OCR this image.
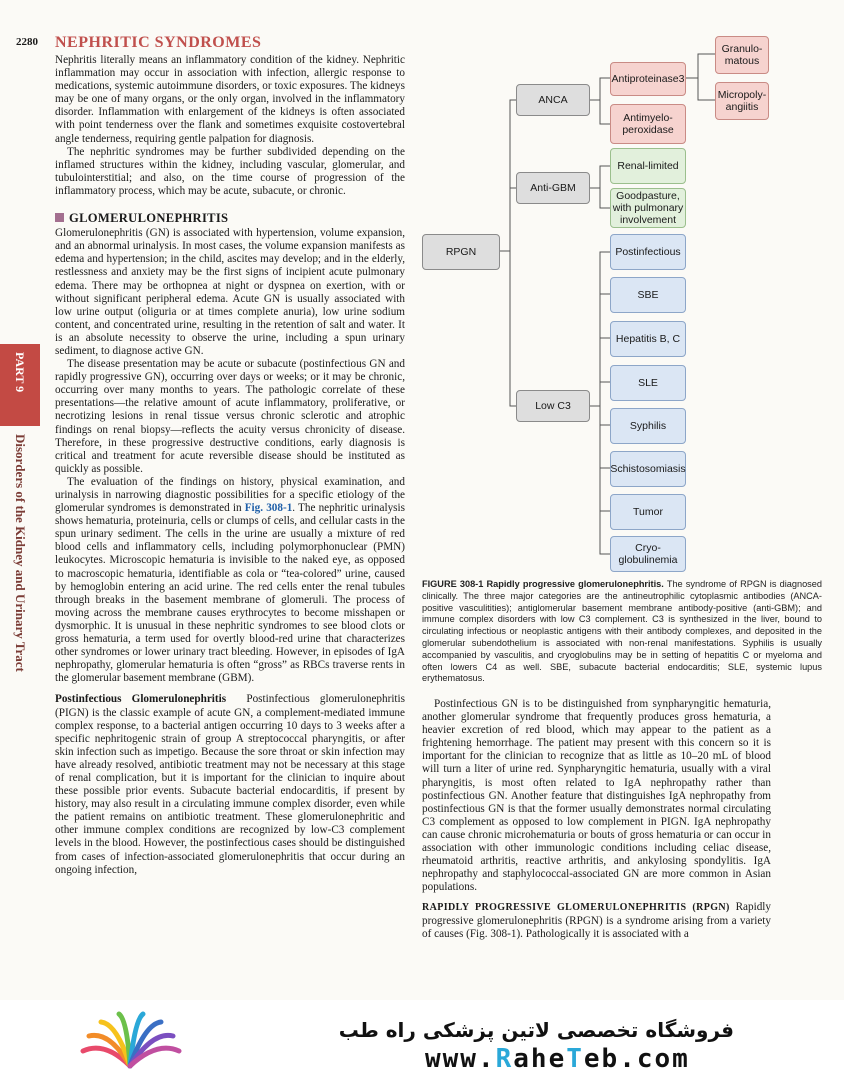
2280 NEPHRITIC SYNDROMES

Nephritis literally means an inflammatory condition of the kidney. Nephritic inflammation may occur in association with infection, allergic response to medications, systemic autoimmune disorders, or toxic exposures. The kidneys may be one of many organs, or the only organ, involved in the inflammatory disorder. Inflammation with enlargement of the kidneys is often associated with point tenderness over the flank and sometimes exquisite costovertebral angle tenderness, requiring gentle palpation for diagnosis.

The nephritic syndromes may be further subdivided depending on the inflamed structures within the kidney, including vascular, glomerular, and tubulointerstitial; and also, on the time course of progression of the inflammatory process, which may be acute, subacute, or chronic.

GLOMERULONEPHRITIS

Glomerulonephritis (GN) is associated with hypertension, volume expansion, and an abnormal urinalysis. In most cases, the volume expansion manifests as edema and hypertension; in the child, ascites may develop; and in the elderly, restlessness and anxiety may be the first signs of incipient acute pulmonary edema. There may be orthopnea at night or dyspnea on exertion, with or without significant peripheral edema. Acute GN is usually associated with low urine output (oliguria or at times complete anuria), low urine sodium content, and concentrated urine, resulting in the retention of salt and water. It is an absolute necessity to observe the urine, including a spun urinary sediment, to diagnose active GN.

The disease presentation may be acute or subacute (postinfectious GN and rapidly progressive GN), occurring over days or weeks; or it may be chronic, occurring over many months to years. The pathologic correlate of these presentations—the relative amount of acute inflammatory, proliferative, or necrotizing lesions in renal tissue versus chronic sclerotic and atrophic findings on renal biopsy—reflects the acuity versus chronicity of disease. Therefore, in these progressive destructive conditions, early diagnosis is critical and treatment for acute reversible disease should be instituted as quickly as possible.

The evaluation of the findings on history, physical examination, and urinalysis in narrowing diagnostic possibilities for a specific etiology of the glomerular syndromes is demonstrated in Fig. 308-1. The nephritic urinalysis shows hematuria, proteinuria, cells or clumps of cells, and cellular casts in the spun urinary sediment. The cells in the urine are usually a mixture of red blood cells and inflammatory cells, including polymorphonuclear (PMN) leukocytes. Microscopic hematuria is invisible to the naked eye, as opposed to macroscopic hematuria, identifiable as cola or “tea-colored” urine, caused by hemoglobin entering an acid urine. The red cells enter the renal tubules through breaks in the basement membrane of glomeruli. The process of moving across the membrane causes erythrocytes to become misshapen or dysmorphic. It is unusual in these nephritic syndromes to see blood clots or gross hematuria, a term used for overtly blood-red urine that characterizes other syndromes or lower urinary tract bleeding. However, in episodes of IgA nephropathy, glomerular hematuria is often “gross” as RBCs traverse rents in the glomerular basement membrane (GBM).

Postinfectious Glomerulonephritis Postinfectious glomerulonephritis (PIGN) is the classic example of acute GN, a complement-mediated immune complex response, to a bacterial antigen occurring 10 days to 3 weeks after a specific nephritogenic strain of group A streptococcal pharyngitis, or after skin infection such as impetigo. Because the sore throat or skin infection may have already resolved, antibiotic treatment may not be necessary at this stage of renal complication, but it is important for the clinician to inquire about these possible prior events. Subacute bacterial endocarditis, if present by history, may also result in a circulating immune complex disorder, even while the patient remains on antibiotic treatment. These glomerulonephritic and other immune complex conditions are recognized by low-C3 complement levels in the blood. However, the postinfectious cases should be distinguished from cases of infection-associated glomerulonephritis that occur during an ongoing infection,

PART 9
Disorders of the Kidney and Urinary Tract
RPGN
ANCA
Anti-GBM
Low C3
Antiproteinase3
Antimyelo-
peroxidase
Granulo-
matous
Micropoly-
angiitis
Renal-limited
Goodpasture,
with pulmonary
involvement
Postinfectious
SBE
Hepatitis B, C
SLE
Syphilis
Schistosomiasis
Tumor
Cryo-
globulinemia
FIGURE 308-1 Rapidly progressive glomerulonephritis. The syndrome of RPGN is diagnosed clinically. The three major categories are the antineutrophilic cytoplasmic antibodies (ANCA-positive vasculitities); antiglomerular basement membrane antibody-positive (anti-GBM); and immune complex disorders with low C3 complement. C3 is synthesized in the liver, bound to circulating infectious or neoplastic antigens with their antibody complexes, and deposited in the glomerular subendothelium is associated with non-renal manifestations. Syphilis is usually accompanied by vasculitis, and cryoglobulins may be in setting of hepatitis C or myeloma and often lowers C4 as well. SBE, subacute bacterial endocarditis; SLE, systemic lupus erythematosus.

Postinfectious GN is to be distinguished from synpharyngitic hematuria, another glomerular syndrome that frequently produces gross hematuria, a heavier excretion of red blood, which may appear to the patient as a frightening hemorrhage. The patient may present with this concern so it is important for the clinician to recognize that as little as 10–20 mL of blood will turn a liter of urine red. Synpharyngitic hematuria, usually with a viral pharyngitis, is most often related to IgA nephropathy rather than postinfectious GN. Another feature that distinguishes IgA nephropathy from postinfectious GN is that the former usually demonstrates normal circulating C3 complement as opposed to low complement in PIGN. IgA nephropathy can cause chronic microhematuria or bouts of gross hematuria or can occur in association with other immunologic conditions including celiac disease, rheumatoid arthritis, reactive arthritis, and ankylosing spondylitis. IgA nephropathy and staphylococcal-associated GN are more common in Asian populations.

RAPIDLY PROGRESSIVE GLOMERULONEPHRITIS (RPGN) Rapidly progressive glomerulonephritis (RPGN) is a syndrome arising from a variety of causes (Fig. 308-1). Pathologically it is associated with a

فروشگاه تخصصی لاتین پزشکی راه طب
www.RaheTeb.com
